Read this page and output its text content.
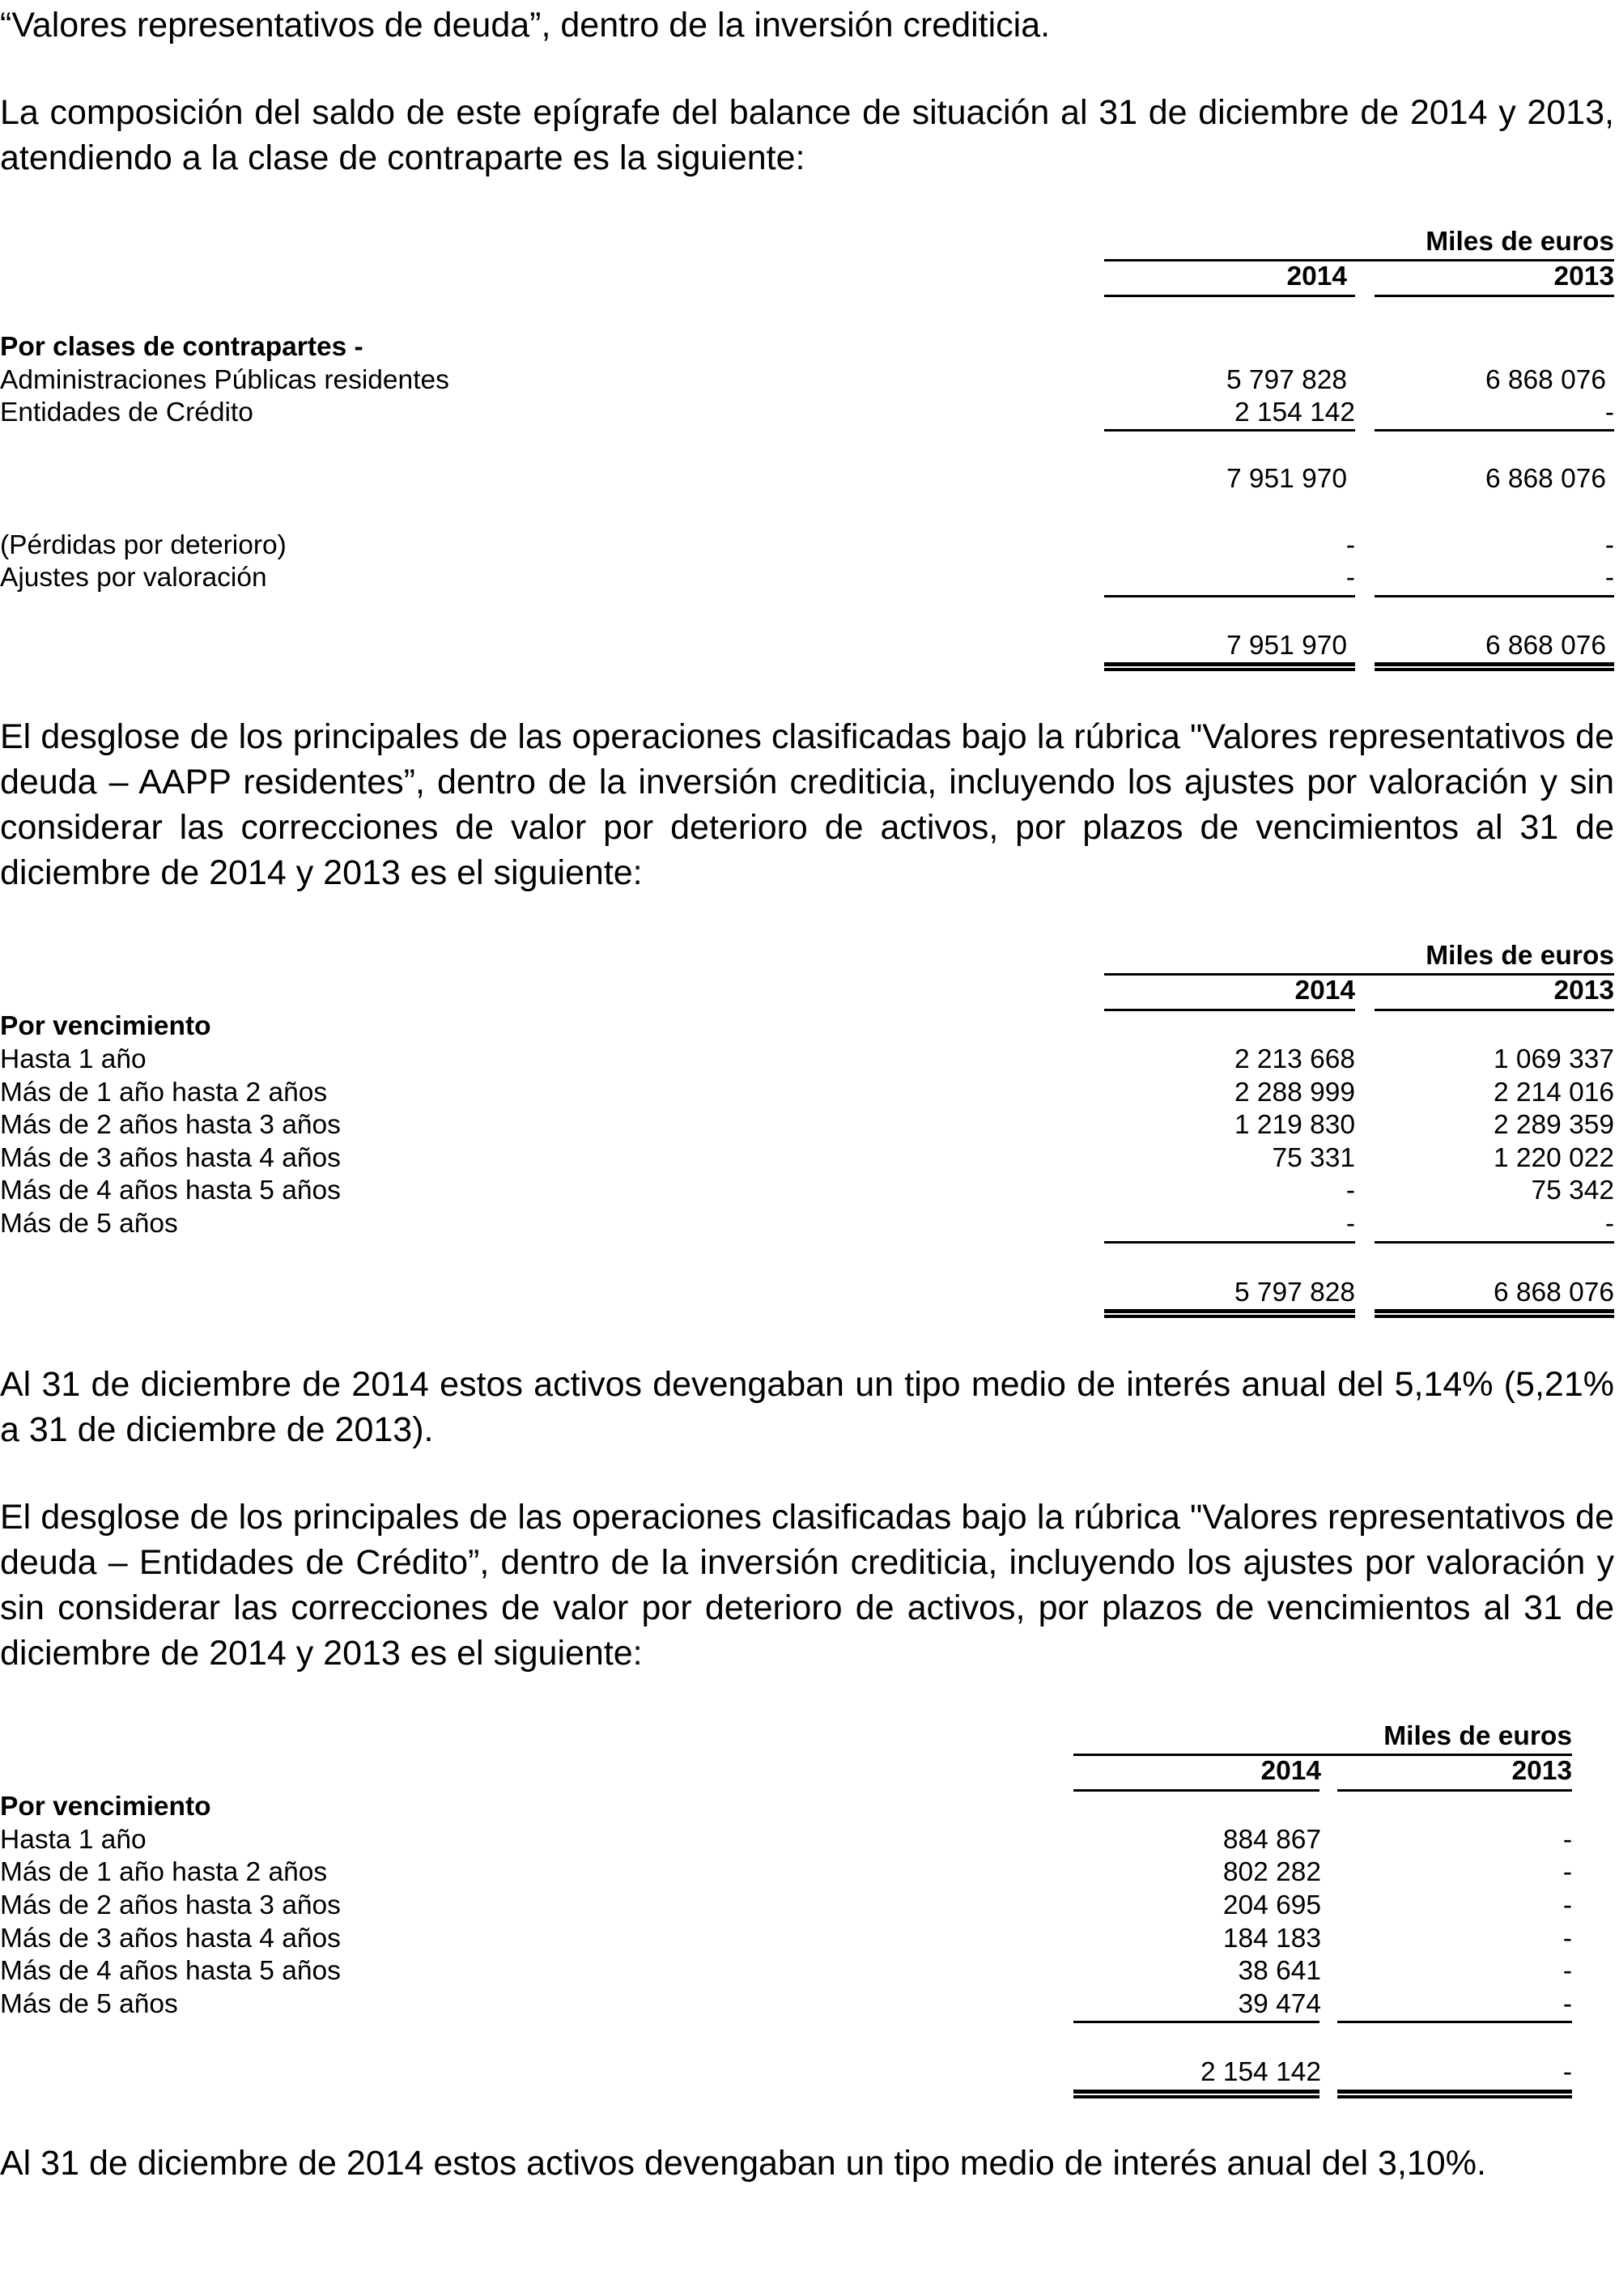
“Valores representativos de deuda”, dentro de la inversión crediticia.

La composición del saldo de este epígrafe del balance de situación al 31 de diciembre de 2014 y 2013, atendiendo a la clase de contraparte es la siguiente:

El desglose de los principales de las operaciones clasificadas bajo la rúbrica "Valores representativos de deuda – AAPP residentes”, dentro de la inversión crediticia, incluyendo los ajustes por valoración y sin considerar las correcciones de valor por deterioro de activos, por plazos de vencimientos al 31 de diciembre de 2014 y 2013 es el siguiente:

Al 31 de diciembre de 2014 estos activos devengaban un tipo medio de interés anual del 5,14% (5,21% a 31 de diciembre de 2013).

El desglose de los principales de las operaciones clasificadas bajo la rúbrica "Valores representativos de deuda – Entidades de Crédito”, dentro de la inversión crediticia, incluyendo los ajustes por valoración y sin considerar las correcciones de valor por deterioro de activos, por plazos de vencimientos al 31 de diciembre de 2014 y 2013 es el siguiente:

Al 31 de diciembre de 2014 estos activos devengaban un tipo medio de interés anual del 3,10%.

Miles de euros
2014	2013
Por clases de contrapartes -
Administraciones Públicas residentes	5 797 828	6 868 076
Entidades de Crédito	2 154 142	-
7 951 970	6 868 076
(Pérdidas por deterioro)	-	-
Ajustes por valoración	-	-
7 951 970	6 868 076
Miles de euros
2014	2013
Por vencimiento
Hasta 1 año	2 213 668	1 069 337
Más de 1 año hasta 2 años	2 288 999	2 214 016
Más de 2 años hasta 3 años	1 219 830	2 289 359
Más de 3 años hasta 4 años	75 331	1 220 022
Más de 4 años hasta 5 años	-	75 342
Más de 5 años	-	-
5 797 828	6 868 076
Miles de euros
2014	2013
Por vencimiento
Hasta 1 año	884 867	-
Más de 1 año hasta 2 años	802 282	-
Más de 2 años hasta 3 años	204 695	-
Más de 3 años hasta 4 años	184 183	-
Más de 4 años hasta 5 años	38 641	-
Más de 5 años	39 474	-
2 154 142	-
